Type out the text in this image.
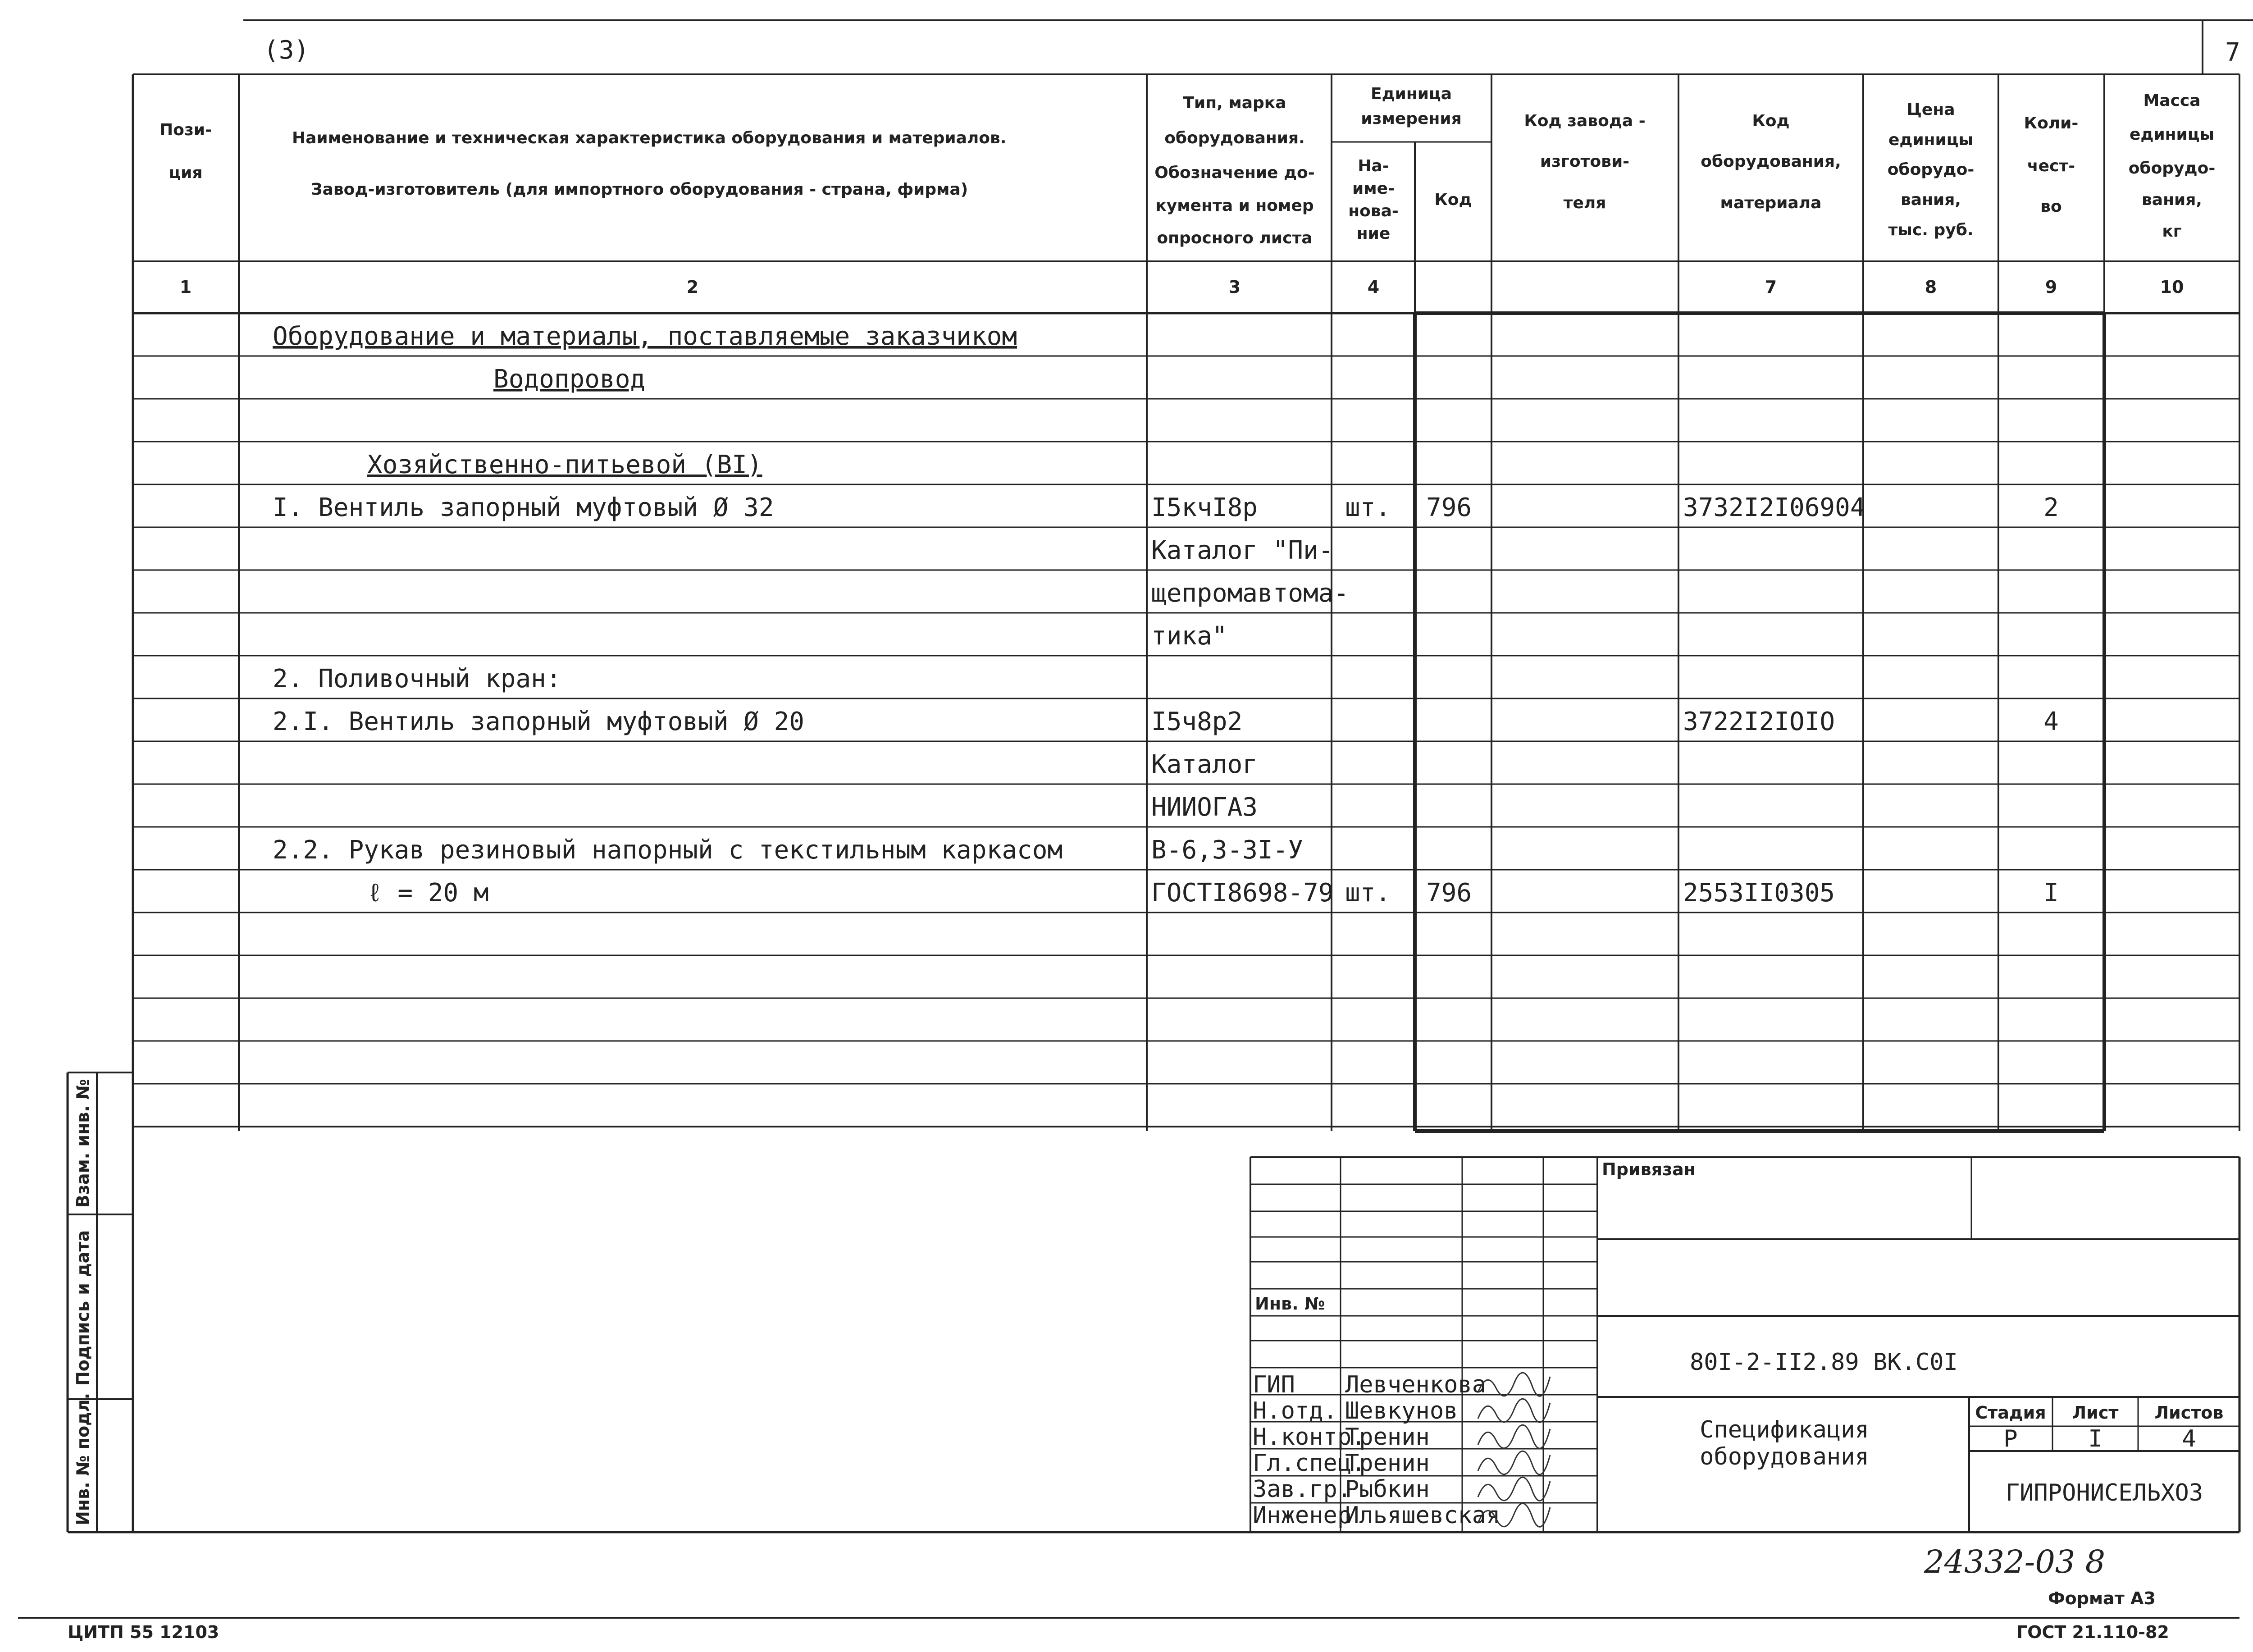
(3)	7
Пози-
ция
Наименование и техническая характеристика оборудования и материалов.
Завод-изготовитель (для импортного оборудования - страна, фирма)
Тип, марка
оборудования.
Обозначение до-
кумента и номер
опросного листа
Единица
измерения
На-
име-
нова-
ние
Код
Код завода -
изготови-
теля
Код
оборудования,
материала
Цена
единицы
оборудо-
вания,
тыс. руб.
Коли-
чест-
во
Масса
единицы
оборудо-
вания,
кг
1	2	3	4	7	8	9	10
Оборудование и материалы, поставляемые заказчиком
Водопровод
Хозяйственно-питьевой (ВI)
I. Вентиль запорный муфтовый Ø 32	I5кчI8р	шт. 796	3732I2I06904	2
Каталог "Пи-
щепромавтома-
тика"
2. Поливочный кран:
2.I. Вентиль запорный муфтовый Ø 20	I5ч8р2	3722I2IOIO	4
Каталог
НИИОГАЗ
2.2. Рукав резиновый напорный с текстильным каркасом	В-6,3-3I-У
ℓ = 20 м	ГОСТI8698-79 шт. 796	2553II0305	I
Взам. инв. №
Подпись и дата
Инв. № подл.
Привязан
Инв. №
80I-2-II2.89 ВК.С0I
Спецификация
оборудования
Стадия Лист Листов
Р	I	4
ГИПРОНИСЕЛЬХОЗ
ГИП Левченкова
Н.отд. Шевкунов
Н.контр.
Тренин
Гл.спец.
Тренин
Зав.гр.
Рыбкин
Инженер
Ильяшевская
24332-03 8
Формат А3
ЦИТП 55 12103	ГОСТ 21.110-82
